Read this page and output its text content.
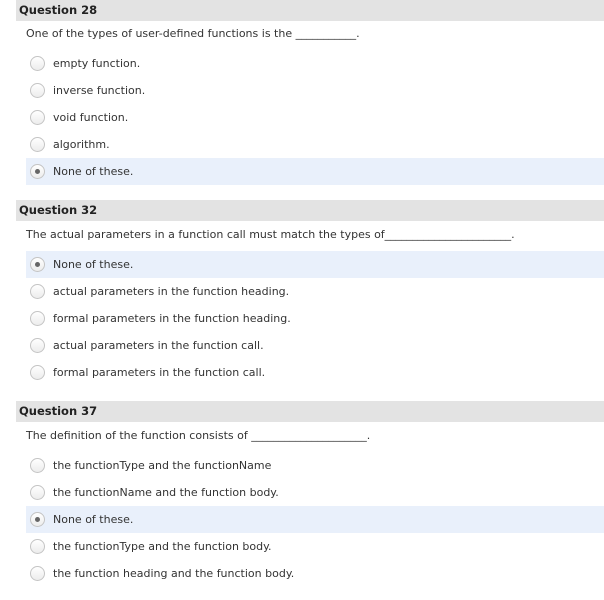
Question 28
One of the types of user-defined functions is the ___________.
empty function.
inverse function.
void function.
algorithm.
None of these.
Question 32
The actual parameters in a function call must match the types of_______________________.
None of these.
actual parameters in the function heading.
formal parameters in the function heading.
actual parameters in the function call.
formal parameters in the function call.
Question 37
The definition of the function consists of _____________________.
the functionType and the functionName
the functionName and the function body.
None of these.
the functionType and the function body.
the function heading and the function body.
